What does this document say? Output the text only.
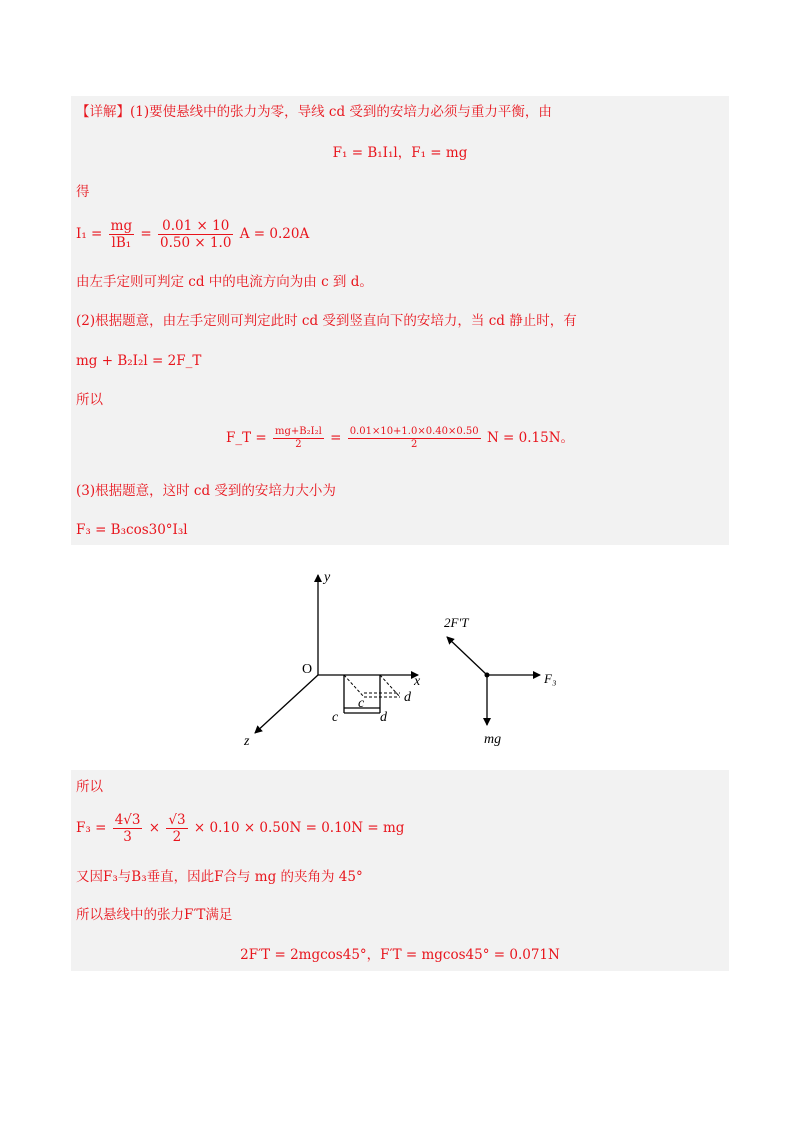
【详解】(1)要使悬线中的张力为零，导线 cd 受到的安培力必须与重力平衡，由
F₁ = B₁I₁l，F₁ = mg
得
$I_1 = \frac{mg}{\text{lB₁}} = \frac{0.01 \times 10}{0.50 \times 1.0}$ A = 0.20A
由左手定则可判定 cd 中的电流方向为由 c 到 d。
(2)根据题意，由左手定则可判定此时 cd 受到竖直向下的安培力，当 cd 静止时，有
mg + B₂I₂l = 2F_T
所以
F_T = $\frac{\text{mg+B₂I₂l}}{2} = \frac{0.01\times 10+1.0\times 0.40\times 0.50}{2}$ N = 0.15N。
(3)根据题意，这时 cd 受到的安培力大小为
F₃ = B₃cos30°I₃l
y
x
z
O
c	d
c	d
2F′T
F₃
mg
所以
$F_3 = \frac{4√3}{3} \times \frac{√3}{2} \times 0.10 \times 0.50N = 0.10N$ = mg
又因F₃与B₃垂直，因此F合与 mg 的夹角为 45°
所以悬线中的张力F′T满足
2F′T = 2mgcos45°，F′T = mgcos45° = 0.071N
